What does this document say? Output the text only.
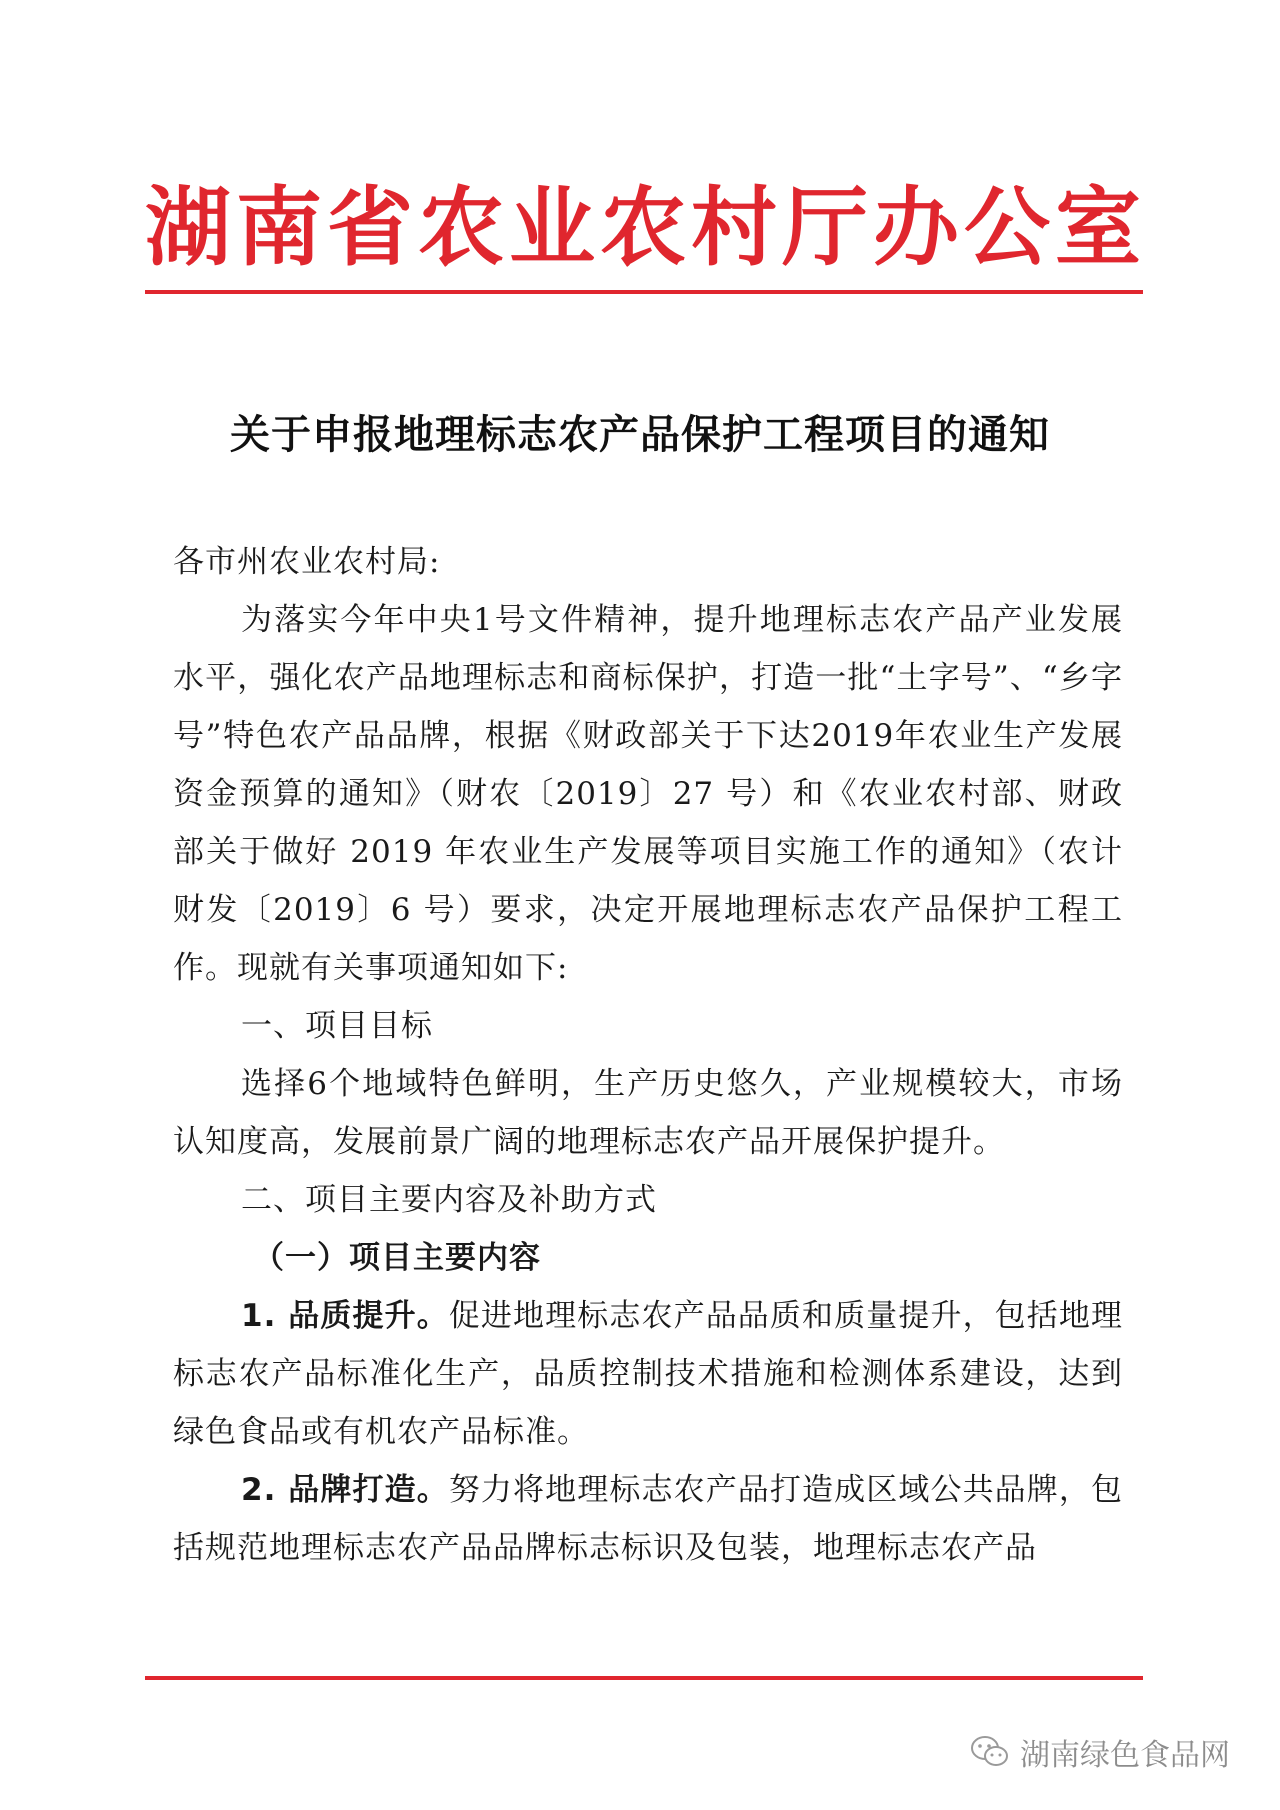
湖南省农业农村厅办公室
关于申报地理标志农产品保护工程项目的通知

各市州农业农村局:

为落实今年中央1号文件精神，提升地理标志农产品产业发展水平，强化农产品地理标志和商标保护，打造一批“土字号”、“乡字号”特色农产品品牌，根据《财政部关于下达2019年农业生产发展资金预算的通知》（财农〔2019〕27 号）和《农业农村部、财政部关于做好 2019 年农业生产发展等项目实施工作的通知》（农计财发〔2019〕6 号）要求，决定开展地理标志农产品保护工程工作。现就有关事项通知如下:

一、项目目标

选择6个地域特色鲜明，生产历史悠久，产业规模较大，市场认知度高，发展前景广阔的地理标志农产品开展保护提升。

二、项目主要内容及补助方式

（一）项目主要内容

1. 品质提升。促进地理标志农产品品质和质量提升，包括地理标志农产品标准化生产，品质控制技术措施和检测体系建设，达到绿色食品或有机农产品标准。

2. 品牌打造。努力将地理标志农产品打造成区域公共品牌，包括规范地理标志农产品品牌标志标识及包装，地理标志农产品

湖南绿色食品网
